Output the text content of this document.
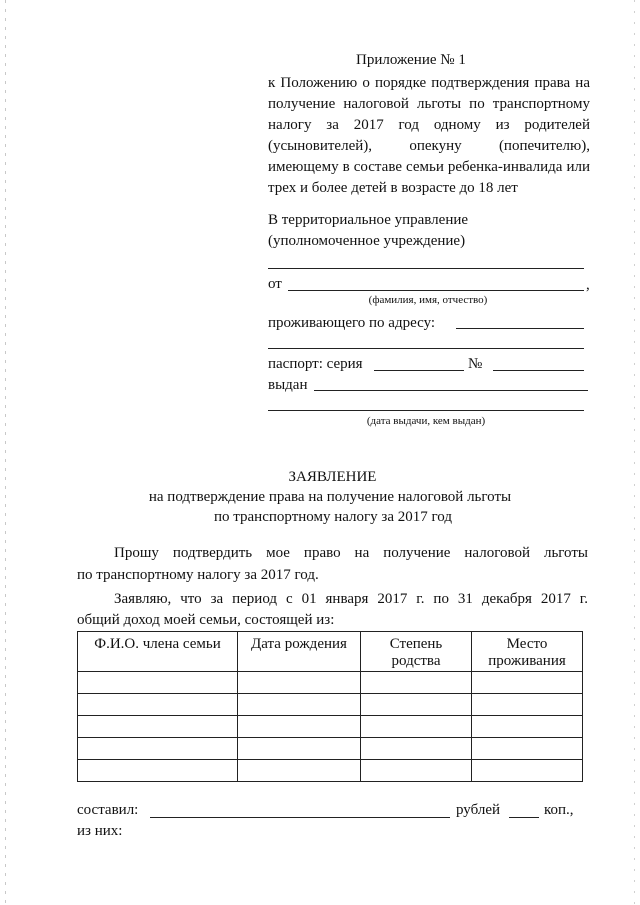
Приложение № 1
к Положению о порядке подтверждения права на
получение налоговой льготы по транспортному
налогу за 2017 год одному из родителей
(усыновителей), опекуну (попечителю),
имеющему в составе семьи ребенка-инвалида или
трех и более детей в возрасте до 18 лет
В территориальное управление
(уполномоченное учреждение)
от	,
(фамилия, имя, отчество)
проживающего по адресу:
паспорт: серия	№
выдан
(дата выдачи, кем выдан)
ЗАЯВЛЕНИЕ
на подтверждение права на получение налоговой льготы
по транспортному налогу за 2017 год
Прошу подтвердить мое право на получение налоговой льготы
по транспортному налогу за 2017 год.
Заявляю, что за период с 01 января 2017 г. по 31 декабря 2017 г.
общий доход моей семьи, состоящей из:
Ф.И.О. члена семьи	Дата рождения	Степень родства	Место проживания

составил:	рублей	коп.,
из них:
